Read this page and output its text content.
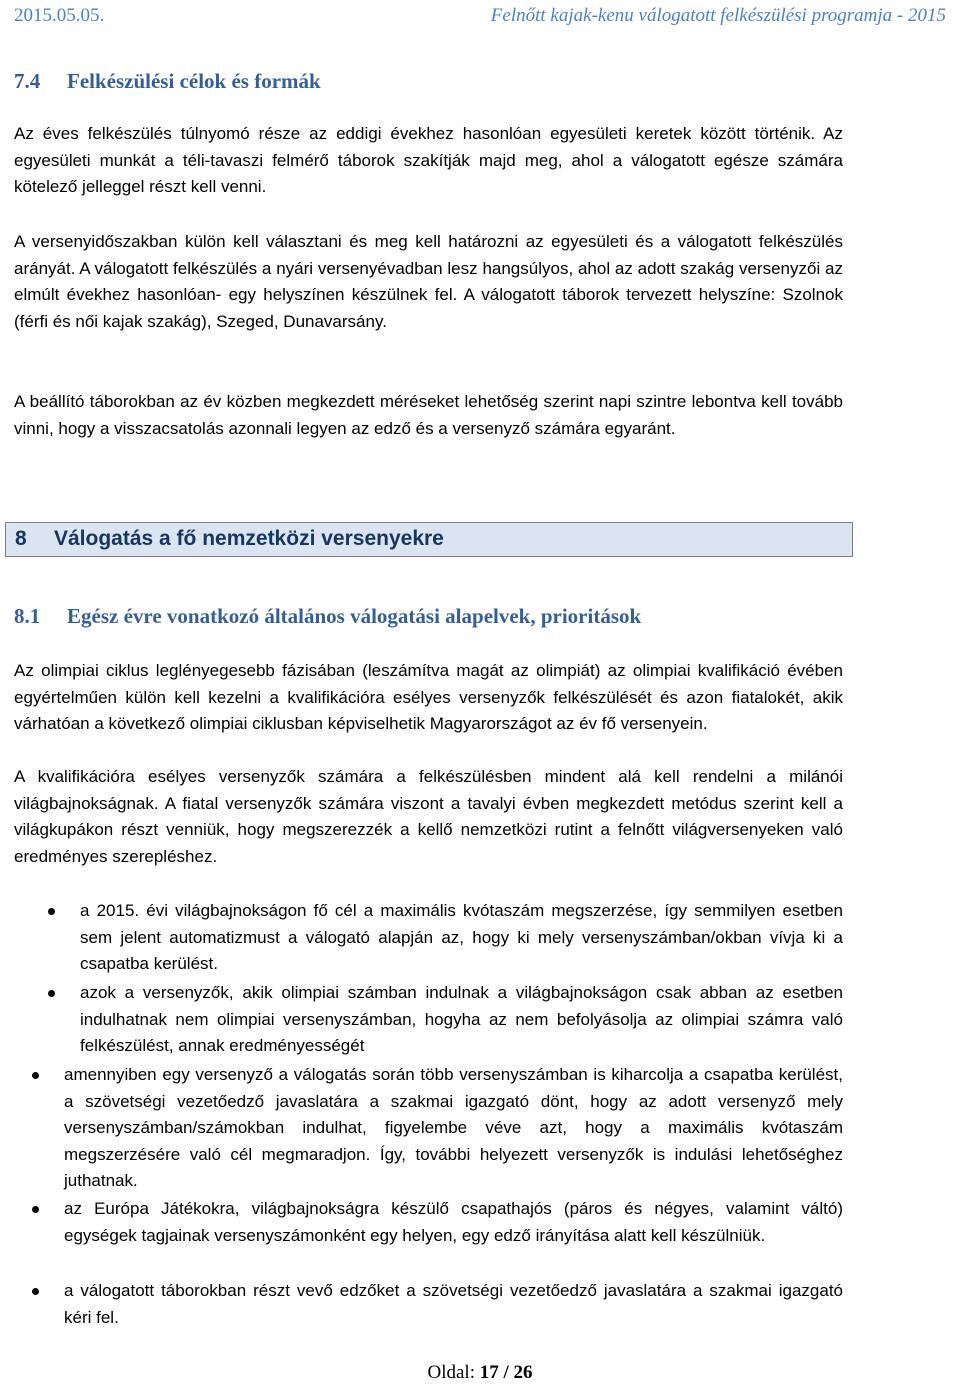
2015.05.05.	Felnőtt kajak-kenu válogatott felkészülési programja - 2015
7.4 Felkészülési célok és formák
Az éves felkészülés túlnyomó része az eddigi évekhez hasonlóan egyesületi keretek között történik. Az egyesületi munkát a téli-tavaszi felmérő táborok szakítják majd meg, ahol a válogatott egésze számára kötelező jelleggel részt kell venni.
A versenyidőszakban külön kell választani és meg kell határozni az egyesületi és a válogatott felkészülés arányát. A válogatott felkészülés a nyári versenyévadban lesz hangsúlyos, ahol az adott szakág versenyzői az elmúlt évekhez hasonlóan- egy helyszínen készülnek fel. A válogatott táborok tervezett helyszíne: Szolnok (férfi és női kajak szakág), Szeged, Dunavarsány.
A beállító táborokban az év közben megkezdett méréseket lehetőség szerint napi szintre lebontva kell tovább vinni, hogy a visszacsatolás azonnali legyen az edző és a versenyző számára egyaránt.
8 Válogatás a fő nemzetközi versenyekre
8.1 Egész évre vonatkozó általános válogatási alapelvek, prioritások
Az olimpiai ciklus leglényegesebb fázisában (leszámítva magát az olimpiát) az olimpiai kvalifikáció évében egyértelműen külön kell kezelni a kvalifikációra esélyes versenyzők felkészülését és azon fiatalokét, akik várhatóan a következő olimpiai ciklusban képviselhetik Magyarországot az év fő versenyein.
A kvalifikációra esélyes versenyzők számára a felkészülésben mindent alá kell rendelni a milánói világbajnokságnak. A fiatal versenyzők számára viszont a tavalyi évben megkezdett metódus szerint kell a világkupákon részt venniük, hogy megszerezzék a kellő nemzetközi rutint a felnőtt világversenyeken való eredményes szerepléshez.
a 2015. évi világbajnokságon fő cél a maximális kvótaszám megszerzése, így semmilyen esetben sem jelent automatizmust a válogató alapján az, hogy ki mely versenyszámban/okban vívja ki a csapatba kerülést.
azok a versenyzők, akik olimpiai számban indulnak a világbajnokságon csak abban az esetben indulhatnak nem olimpiai versenyszámban, hogyha az nem befolyásolja az olimpiai számra való felkészülést, annak eredményességét
amennyiben egy versenyző a válogatás során több versenyszámban is kiharcolja a csapatba kerülést, a szövetségi vezetőedző javaslatára a szakmai igazgató dönt, hogy az adott versenyző mely versenyszámban/számokban indulhat, figyelembe véve azt, hogy a maximális kvótaszám megszerzésére való cél megmaradjon. Így, további helyezett versenyzők is indulási lehetőséghez juthatnak.
az Európa Játékokra, világbajnokságra készülő csapathajós (páros és négyes, valamint váltó) egységek tagjainak versenyszámonként egy helyen, egy edző irányítása alatt kell készülniük.
a válogatott táborokban részt vevő edzőket a szövetségi vezetőedző javaslatára a szakmai igazgató kéri fel.
Oldal: 17 / 26
